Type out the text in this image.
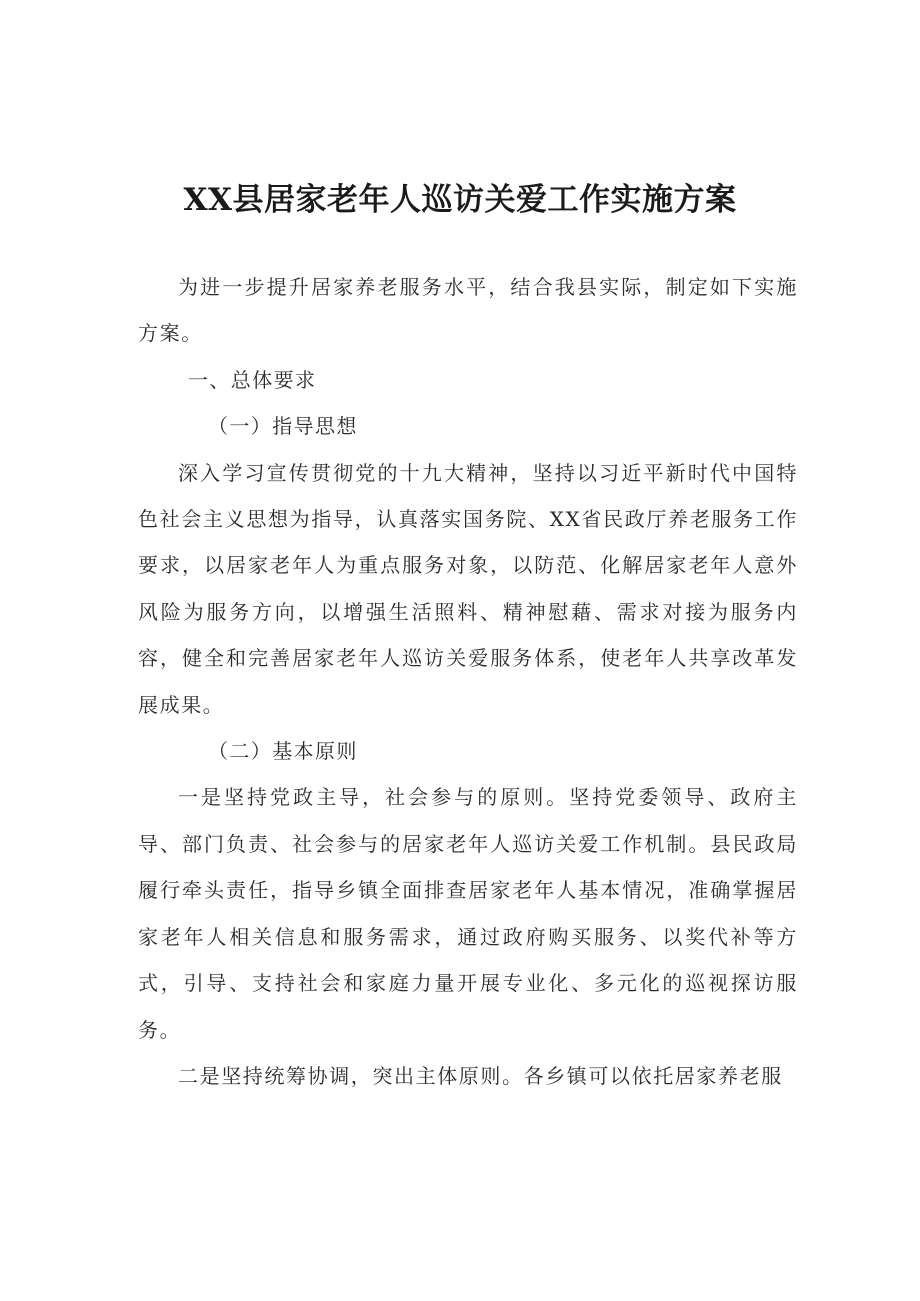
XX县居家老年人巡访关爱工作实施方案

为进一步提升居家养老服务水平，结合我县实际，制定如下实施方案。

一、总体要求

（一）指导思想

深入学习宣传贯彻党的十九大精神，坚持以习近平新时代中国特色社会主义思想为指导，认真落实国务院、XX省民政厅养老服务工作要求，以居家老年人为重点服务对象，以防范、化解居家老年人意外风险为服务方向，以增强生活照料、精神慰藉、需求对接为服务内容，健全和完善居家老年人巡访关爱服务体系，使老年人共享改革发展成果。

（二）基本原则

一是坚持党政主导，社会参与的原则。坚持党委领导、政府主导、部门负责、社会参与的居家老年人巡访关爱工作机制。县民政局履行牵头责任，指导乡镇全面排查居家老年人基本情况，准确掌握居家老年人相关信息和服务需求，通过政府购买服务、以奖代补等方式，引导、支持社会和家庭力量开展专业化、多元化的巡视探访服务。

二是坚持统筹协调，突出主体原则。各乡镇可以依托居家养老服
